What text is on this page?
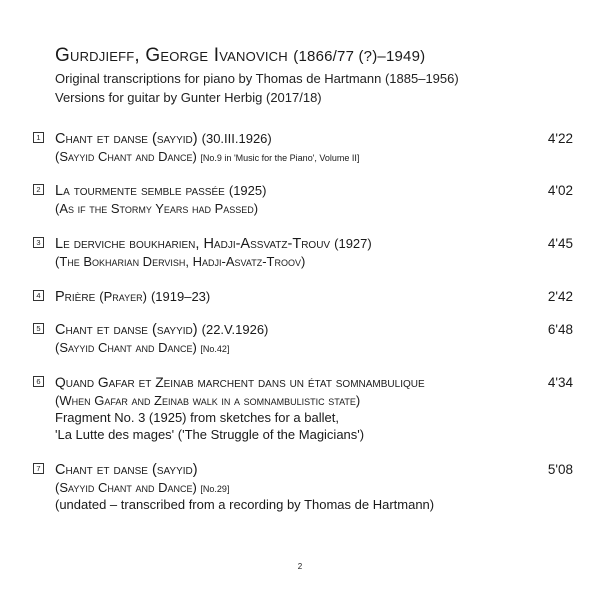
Gurdjieff, George Ivanovich (1866/77 (?)–1949)
Original transcriptions for piano by Thomas de Hartmann (1885–1956)
Versions for guitar by Gunter Herbig (2017/18)
1 Chant et danse (sayyid) (30.III.1926)	4'22
(Sayyid Chant and Dance) [No.9 in 'Music for the Piano', Volume II]
2 La tourmente semble passée (1925)	4'02
(As if the Stormy Years had Passed)
3 Le derviche boukharien, Hadji-Assvatz-Trouv (1927)	4'45
(The Bokharian Dervish, Hadji-Asvatz-Troov)
4 Prière (Prayer) (1919–23)	2'42
5 Chant et danse (sayyid) (22.V.1926)	6'48
(Sayyid Chant and Dance) [No.42]
6 Quand Gafar et Zeinab marchent dans un état somnambulique	4'34
(When Gafar and Zeinab walk in a somnambulistic state)
Fragment No. 3 (1925) from sketches for a ballet,
'La Lutte des mages' ('The Struggle of the Magicians')
7 Chant et danse (sayyid)	5'08
(Sayyid Chant and Dance) [No.29]
(undated – transcribed from a recording by Thomas de Hartmann)
2
